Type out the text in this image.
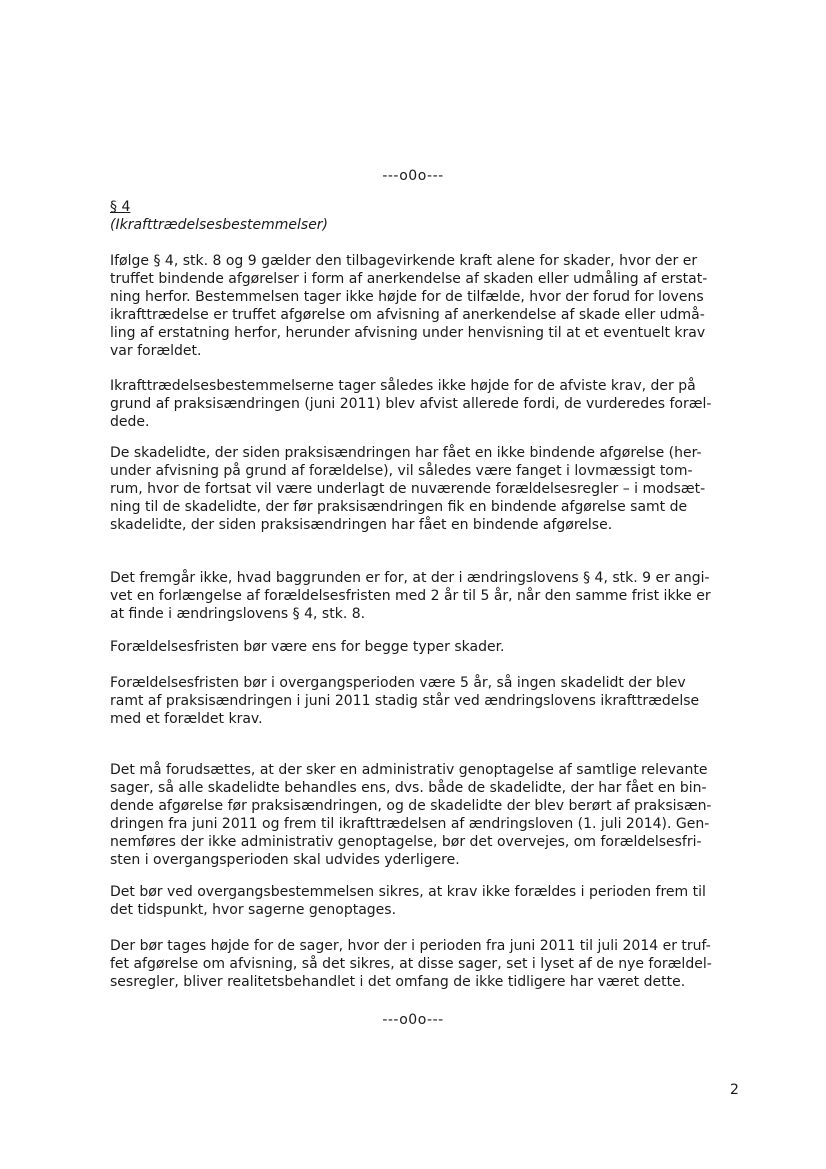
---o0o---
§ 4
(Ikrafttrædelsesbestemmelser)

Ifølge § 4, stk. 8 og 9 gælder den tilbagevirkende kraft alene for skader, hvor der er
truffet bindende afgørelser i form af anerkendelse af skaden eller udmåling af erstat-
ning herfor. Bestemmelsen tager ikke højde for de tilfælde, hvor der forud for lovens
ikrafttrædelse er truffet afgørelse om afvisning af anerkendelse af skade eller udmå-
ling af erstatning herfor, herunder afvisning under henvisning til at et eventuelt krav
var forældet.

Ikrafttrædelsesbestemmelserne tager således ikke højde for de afviste krav, der på
grund af praksisændringen (juni 2011) blev afvist allerede fordi, de vurderedes foræl-
dede.

De skadelidte, der siden praksisændringen har fået en ikke bindende afgørelse (her-
under afvisning på grund af forældelse), vil således være fanget i lovmæssigt tom-
rum, hvor de fortsat vil være underlagt de nuværende forældelsesregler – i modsæt-
ning til de skadelidte, der før praksisændringen fik en bindende afgørelse samt de
skadelidte, der siden praksisændringen har fået en bindende afgørelse.

Det fremgår ikke, hvad baggrunden er for, at der i ændringslovens § 4, stk. 9 er angi-
vet en forlængelse af forældelsesfristen med 2 år til 5 år, når den samme frist ikke er
at finde i ændringslovens § 4, stk. 8.

Forældelsesfristen bør være ens for begge typer skader.

Forældelsesfristen bør i overgangsperioden være 5 år, så ingen skadelidt der blev
ramt af praksisændringen i juni 2011 stadig står ved ændringslovens ikrafttrædelse
med et forældet krav.

Det må forudsættes, at der sker en administrativ genoptagelse af samtlige relevante
sager, så alle skadelidte behandles ens, dvs. både de skadelidte, der har fået en bin-
dende afgørelse før praksisændringen, og de skadelidte der blev berørt af praksisæn-
dringen fra juni 2011 og frem til ikrafttrædelsen af ændringsloven (1. juli 2014). Gen-
nemføres der ikke administrativ genoptagelse, bør det overvejes, om forældelsesfri-
sten i overgangsperioden skal udvides yderligere.

Det bør ved overgangsbestemmelsen sikres, at krav ikke forældes i perioden frem til
det tidspunkt, hvor sagerne genoptages.

Der bør tages højde for de sager, hvor der i perioden fra juni 2011 til juli 2014 er truf-
fet afgørelse om afvisning, så det sikres, at disse sager, set i lyset af de nye forældel-
sesregler, bliver realitetsbehandlet i det omfang de ikke tidligere har været dette.

---o0o---
2
